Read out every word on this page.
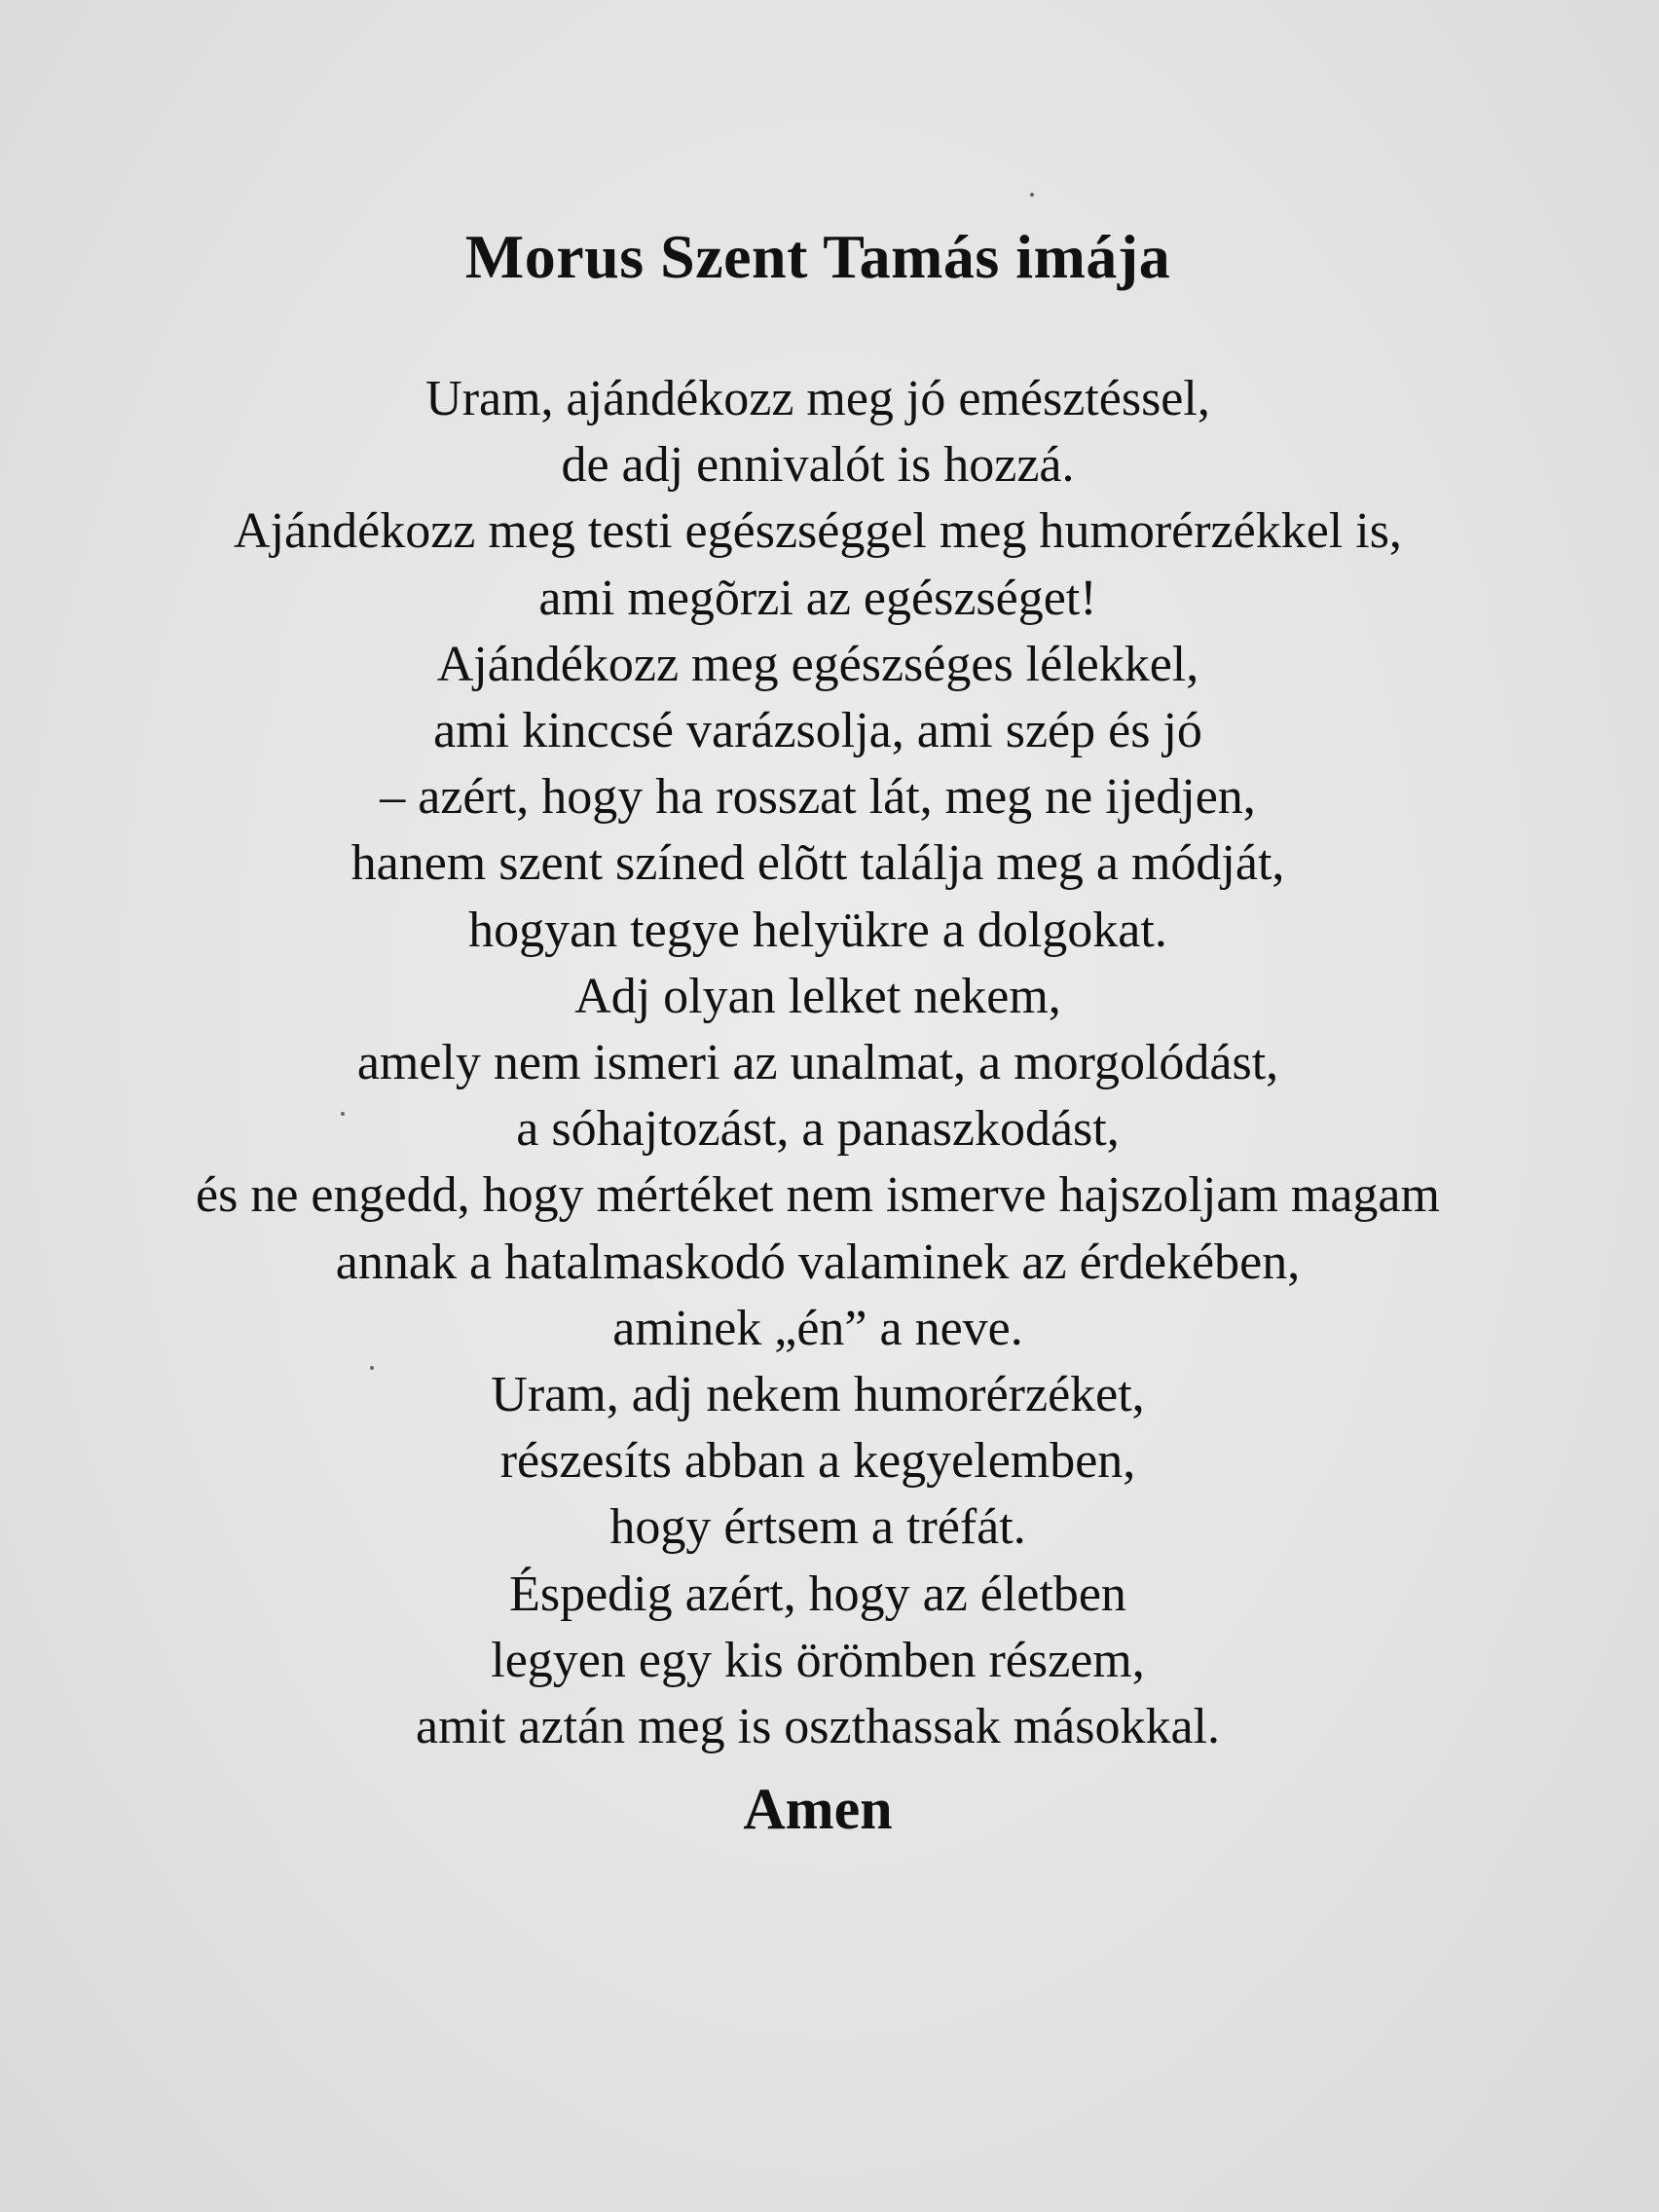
Morus Szent Tamás imája
Uram, ajándékozz meg jó emésztéssel,
de adj ennivalót is hozzá.
Ajándékozz meg testi egészséggel meg humorérzékkel is,
ami megõrzi az egészséget!
Ajándékozz meg egészséges lélekkel,
ami kinccsé varázsolja, ami szép és jó
– azért, hogy ha rosszat lát, meg ne ijedjen,
hanem szent színed elõtt találja meg a módját,
hogyan tegye helyükre a dolgokat.
Adj olyan lelket nekem,
amely nem ismeri az unalmat, a morgolódást,
a sóhajtozást, a panaszkodást,
és ne engedd, hogy mértéket nem ismerve hajszoljam magam
annak a hatalmaskodó valaminek az érdekében,
aminek „én” a neve.
Uram, adj nekem humorérzéket,
részesíts abban a kegyelemben,
hogy értsem a tréfát.
Éspedig azért, hogy az életben
legyen egy kis örömben részem,
amit aztán meg is oszthassak másokkal.

Amen
